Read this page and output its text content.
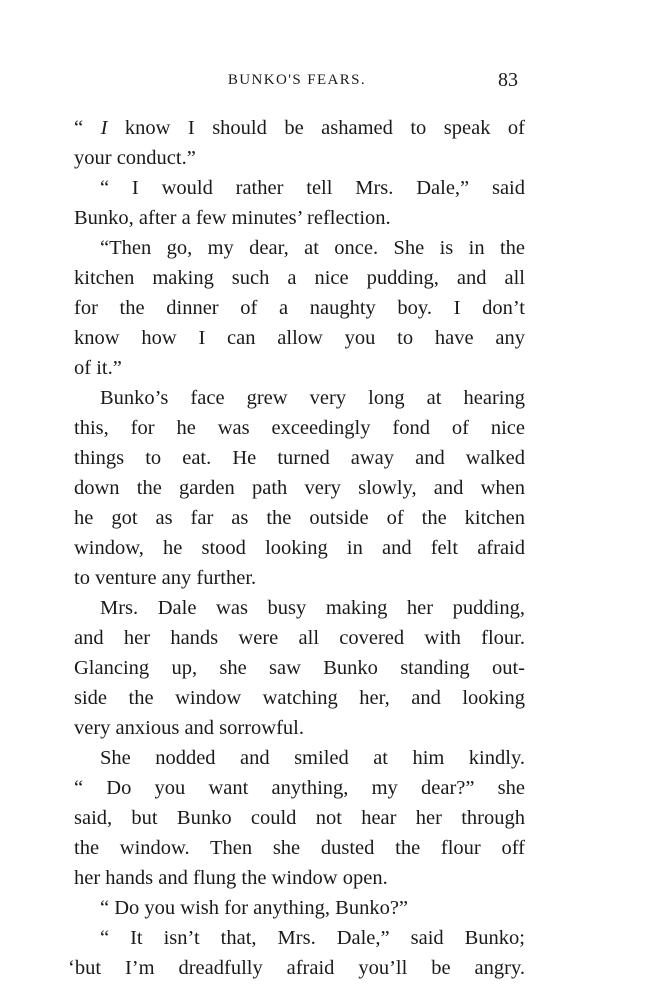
BUNKO'S FEARS.	83
“ I know I should be ashamed to speak of
your conduct.”
“ I would rather tell Mrs. Dale,” said
Bunko, after a few minutes’ reflection.
“Then go, my dear, at once. She is in the
kitchen making such a nice pudding, and all
for the dinner of a naughty boy. I don’t
know how I can allow you to have any
of it.”
Bunko’s face grew very long at hearing
this, for he was exceedingly fond of nice
things to eat. He turned away and walked
down the garden path very slowly, and when
he got as far as the outside of the kitchen
window, he stood looking in and felt afraid
to venture any further.
Mrs. Dale was busy making her pudding,
and her hands were all covered with flour.
Glancing up, she saw Bunko standing out-
side the window watching her, and looking
very anxious and sorrowful.
She nodded and smiled at him kindly.
“ Do you want anything, my dear?” she
said, but Bunko could not hear her through
the window. Then she dusted the flour off
her hands and flung the window open.
“ Do you wish for anything, Bunko?”
“ It isn’t that, Mrs. Dale,” said Bunko;
‘but I’m dreadfully afraid you’ll be angry.
